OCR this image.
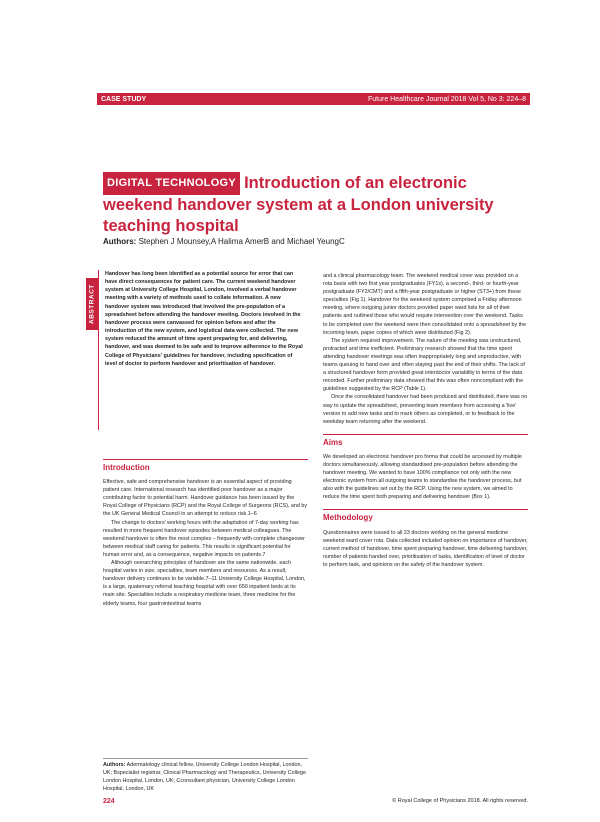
CASE STUDY	Future Healthcare Journal 2018 Vol 5, No 3: 224–8
DIGITAL TECHNOLOGY Introduction of an electronic weekend handover system at a London university teaching hospital
Authors: Stephen J Mounsey,A Halima AmerB and Michael YeungC
ABSTRACT

Handover has long been identified as a potential source for error that can have direct consequences for patient care. The current weekend handover system at University College Hospital, London, involved a verbal handover meeting with a variety of methods used to collate information. A new handover system was introduced that involved the pre-population of a spreadsheet before attending the handover meeting. Doctors involved in the handover process were canvassed for opinion before and after the introduction of the new system, and logistical data were collected. The new system reduced the amount of time spent preparing for, and delivering, handover, and was deemed to be safe and to improve adherence to the Royal College of Physicians' guidelines for handover, including specification of level of doctor to perform handover and prioritisation of handover.

Introduction

Effective, safe and comprehensive handover is an essential aspect of providing patient care. International research has identified poor handover as a major contributing factor to potential harm. Handover guidance has been issued by the Royal College of Physicians (RCP) and the Royal College of Surgeons (RCS), and by the UK General Medical Council in an attempt to reduce risk.1–6

The change to doctors' working hours with the adaptation of 7-day working has resulted in more frequent handover episodes between medical colleagues. The weekend handover is often the most complex – frequently with complete changeover between medical staff caring for patients. This results in significant potential for human error and, as a consequence, negative impacts on patients.7

Although overarching principles of handover are the same nationwide, each hospital varies in size, specialties, team members and resources. As a result, handover delivery continues to be variable.7–11 University College Hospital, London, is a large, quaternary referral teaching hospital with over 650 inpatient beds at its main site. Specialties include a respiratory medicine team, three medicine for the elderly teams, four gastrointestinal teams

and a clinical pharmacology team. The weekend medical cover was provided on a rota basis with two first year postgraduates (FY1s), a second-, third- or fourth-year postgraduate (FY2/CMT) and a fifth-year postgraduate or higher (ST3+) from these specialties (Fig 1). Handover for the weekend system comprised a Friday afternoon meeting, where outgoing junior doctors provided paper ward lists for all of their patients and outlined those who would require intervention over the weekend. Tasks to be completed over the weekend were then consolidated onto a spreadsheet by the incoming team, paper copies of which were distributed (Fig 2).

The system required improvement. The nature of the meeting was unstructured, protracted and time inefficient. Preliminary research showed that the time spent attending handover meetings was often inappropriately long and unproductive, with teams queuing to hand over and often staying past the end of their shifts. The lack of a structured handover form provided great interdoctor variability in terms of the data recorded. Further preliminary data showed that this was often noncompliant with the guidelines suggested by the RCP (Table 1).

Once the consolidated handover had been produced and distributed, there was no way to update the spreadsheet, preventing team members from accessing a 'live' version to add new tasks and to mark others as completed, or to feedback to the weekday team returning after the weekend.

Aims

We developed an electronic handover pro forma that could be accessed by multiple doctors simultaneously, allowing standardised pre-population before attending the handover meeting. We wanted to have 100% compliance not only with the new electronic system from all outgoing teams to standardise the handover process, but also with the guidelines set out by the RCP. Using the new system, we aimed to reduce the time spent both preparing and delivering handover (Box 1).

Methodology

Questionnaires were issued to all 23 doctors working on the general medicine weekend ward cover rota. Data collected included opinion on importance of handover, current method of handover, time spent preparing handover, time delivering handover, number of patients handed over, prioritisation of tasks, identification of level of doctor to perform task, and opinions on the safety of the handover system.

Authors: Adermatology clinical fellow, University College London Hospital, London, UK; Bspecialist registrar, Clinical Pharmacology and Therapeutics, University College London Hospital, London, UK; Cconsultant physician, University College London Hospital, London, UK
224	© Royal College of Physicians 2018. All rights reserved.
